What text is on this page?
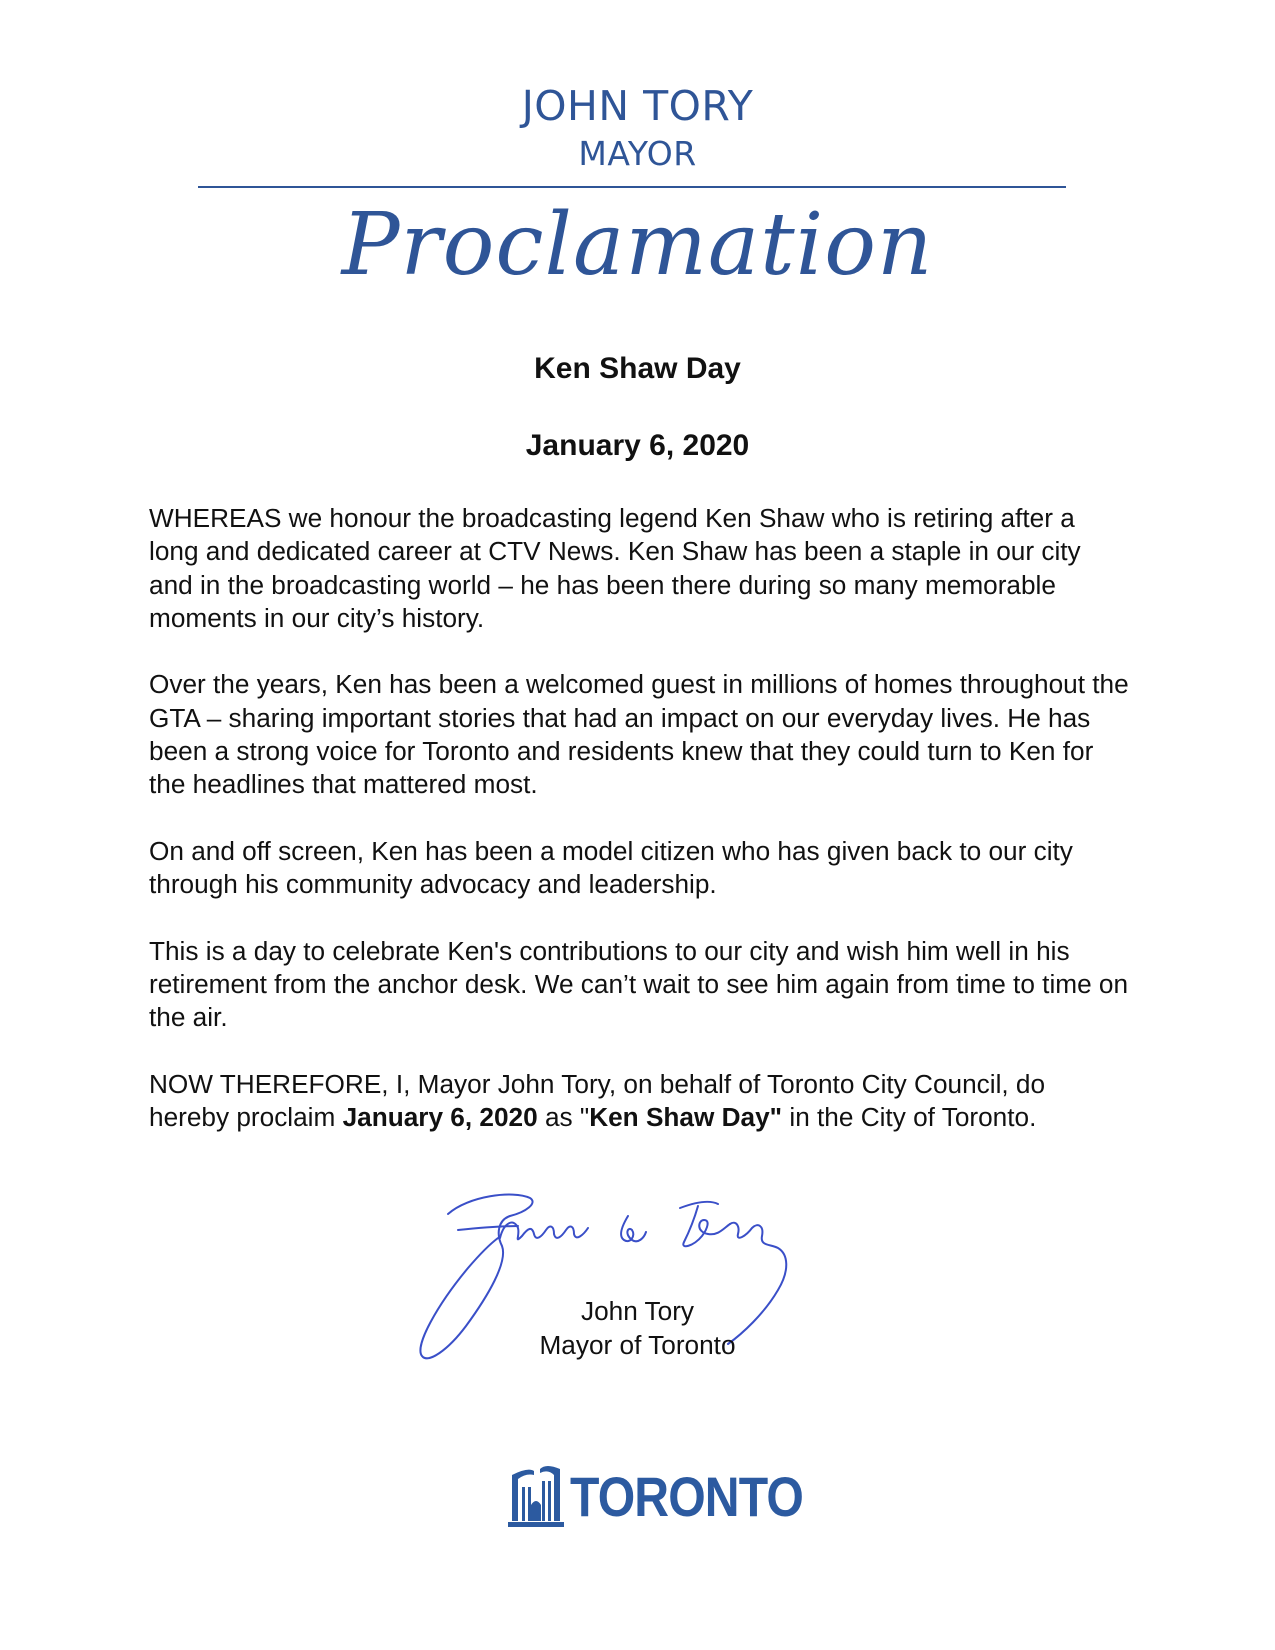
JOHN TORY
MAYOR
Proclamation
Ken Shaw Day
January 6, 2020

WHEREAS we honour the broadcasting legend Ken Shaw who is retiring after a long and dedicated career at CTV News. Ken Shaw has been a staple in our city and in the broadcasting world – he has been there during so many memorable moments in our city’s history.

Over the years, Ken has been a welcomed guest in millions of homes throughout the GTA – sharing important stories that had an impact on our everyday lives. He has been a strong voice for Toronto and residents knew that they could turn to Ken for the headlines that mattered most.

On and off screen, Ken has been a model citizen who has given back to our city through his community advocacy and leadership.

This is a day to celebrate Ken's contributions to our city and wish him well in his retirement from the anchor desk. We can’t wait to see him again from time to time on the air.

NOW THEREFORE, I, Mayor John Tory, on behalf of Toronto City Council, do hereby proclaim January 6, 2020 as "Ken Shaw Day" in the City of Toronto.

John Tory
Mayor of Toronto
TORONTO
